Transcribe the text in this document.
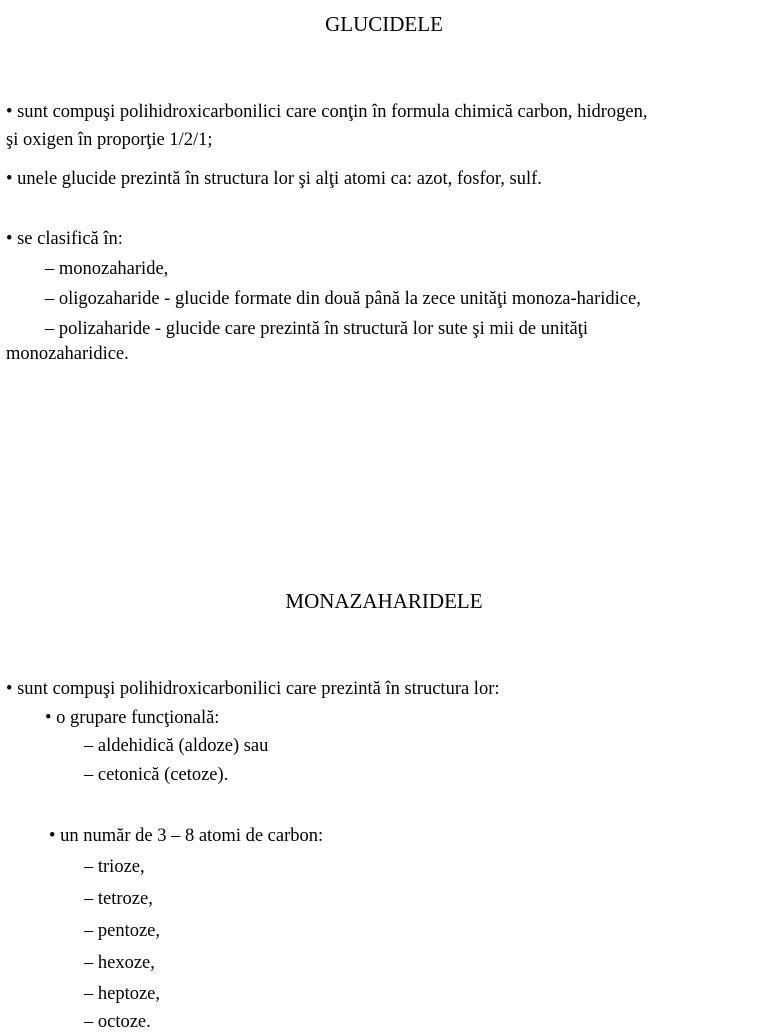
GLUCIDELE
• sunt compuşi polihidroxicarbonilici care conţin în formula chimică carbon, hidrogen,
şi oxigen în proporţie 1/2/1;
• unele glucide prezintă în structura lor şi alţi atomi ca: azot, fosfor, sulf.
• se clasifică în:
– monozaharide,
– oligozaharide - glucide formate din două până la zece unităţi monoza-haridice,
– polizaharide - glucide care prezintă în structură lor sute şi mii de unităţi
monozaharidice.
MONAZAHARIDELE
• sunt compuşi polihidroxicarbonilici care prezintă în structura lor:
• o grupare funcţională:
– aldehidică (aldoze) sau
– cetonică (cetoze).
• un număr de 3 – 8 atomi de carbon:
– trioze,
– tetroze,
– pentoze,
– hexoze,
– heptoze,
– octoze.
